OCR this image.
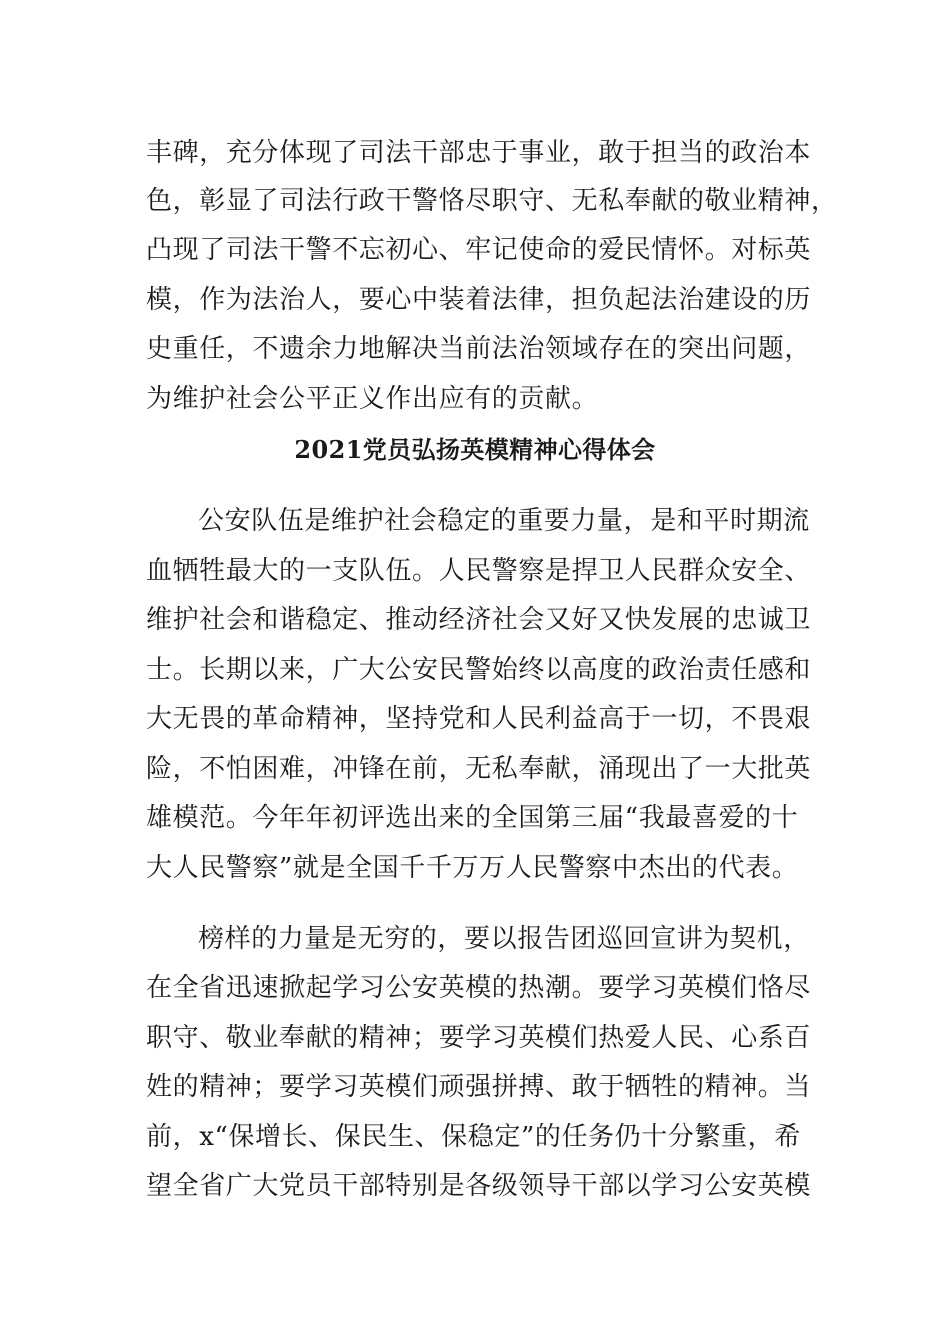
丰碑，充分体现了司法干部忠于事业，敢于担当的政治本
色，彰显了司法行政干警恪尽职守、无私奉献的敬业精神，
凸现了司法干警不忘初心、牢记使命的爱民情怀。对标英
模，作为法治人，要心中装着法律，担负起法治建设的历
史重任，不遗余力地解决当前法治领域存在的突出问题，
为维护社会公平正义作出应有的贡献。
2021党员弘扬英模精神心得体会
公安队伍是维护社会稳定的重要力量，是和平时期流
血牺牲最大的一支队伍。人民警察是捍卫人民群众安全、
维护社会和谐稳定、推动经济社会又好又快发展的忠诚卫
士。长期以来，广大公安民警始终以高度的政治责任感和
大无畏的革命精神，坚持党和人民利益高于一切，不畏艰
险，不怕困难，冲锋在前，无私奉献，涌现出了一大批英
雄模范。今年年初评选出来的全国第三届“我最喜爱的十
大人民警察”就是全国千千万万人民警察中杰出的代表。
榜样的力量是无穷的，要以报告团巡回宣讲为契机，
在全省迅速掀起学习公安英模的热潮。要学习英模们恪尽
职守、敬业奉献的精神；要学习英模们热爱人民、心系百
姓的精神；要学习英模们顽强拼搏、敢于牺牲的精神。当
前，x“保增长、保民生、保稳定”的任务仍十分繁重，希
望全省广大党员干部特别是各级领导干部以学习公安英模
